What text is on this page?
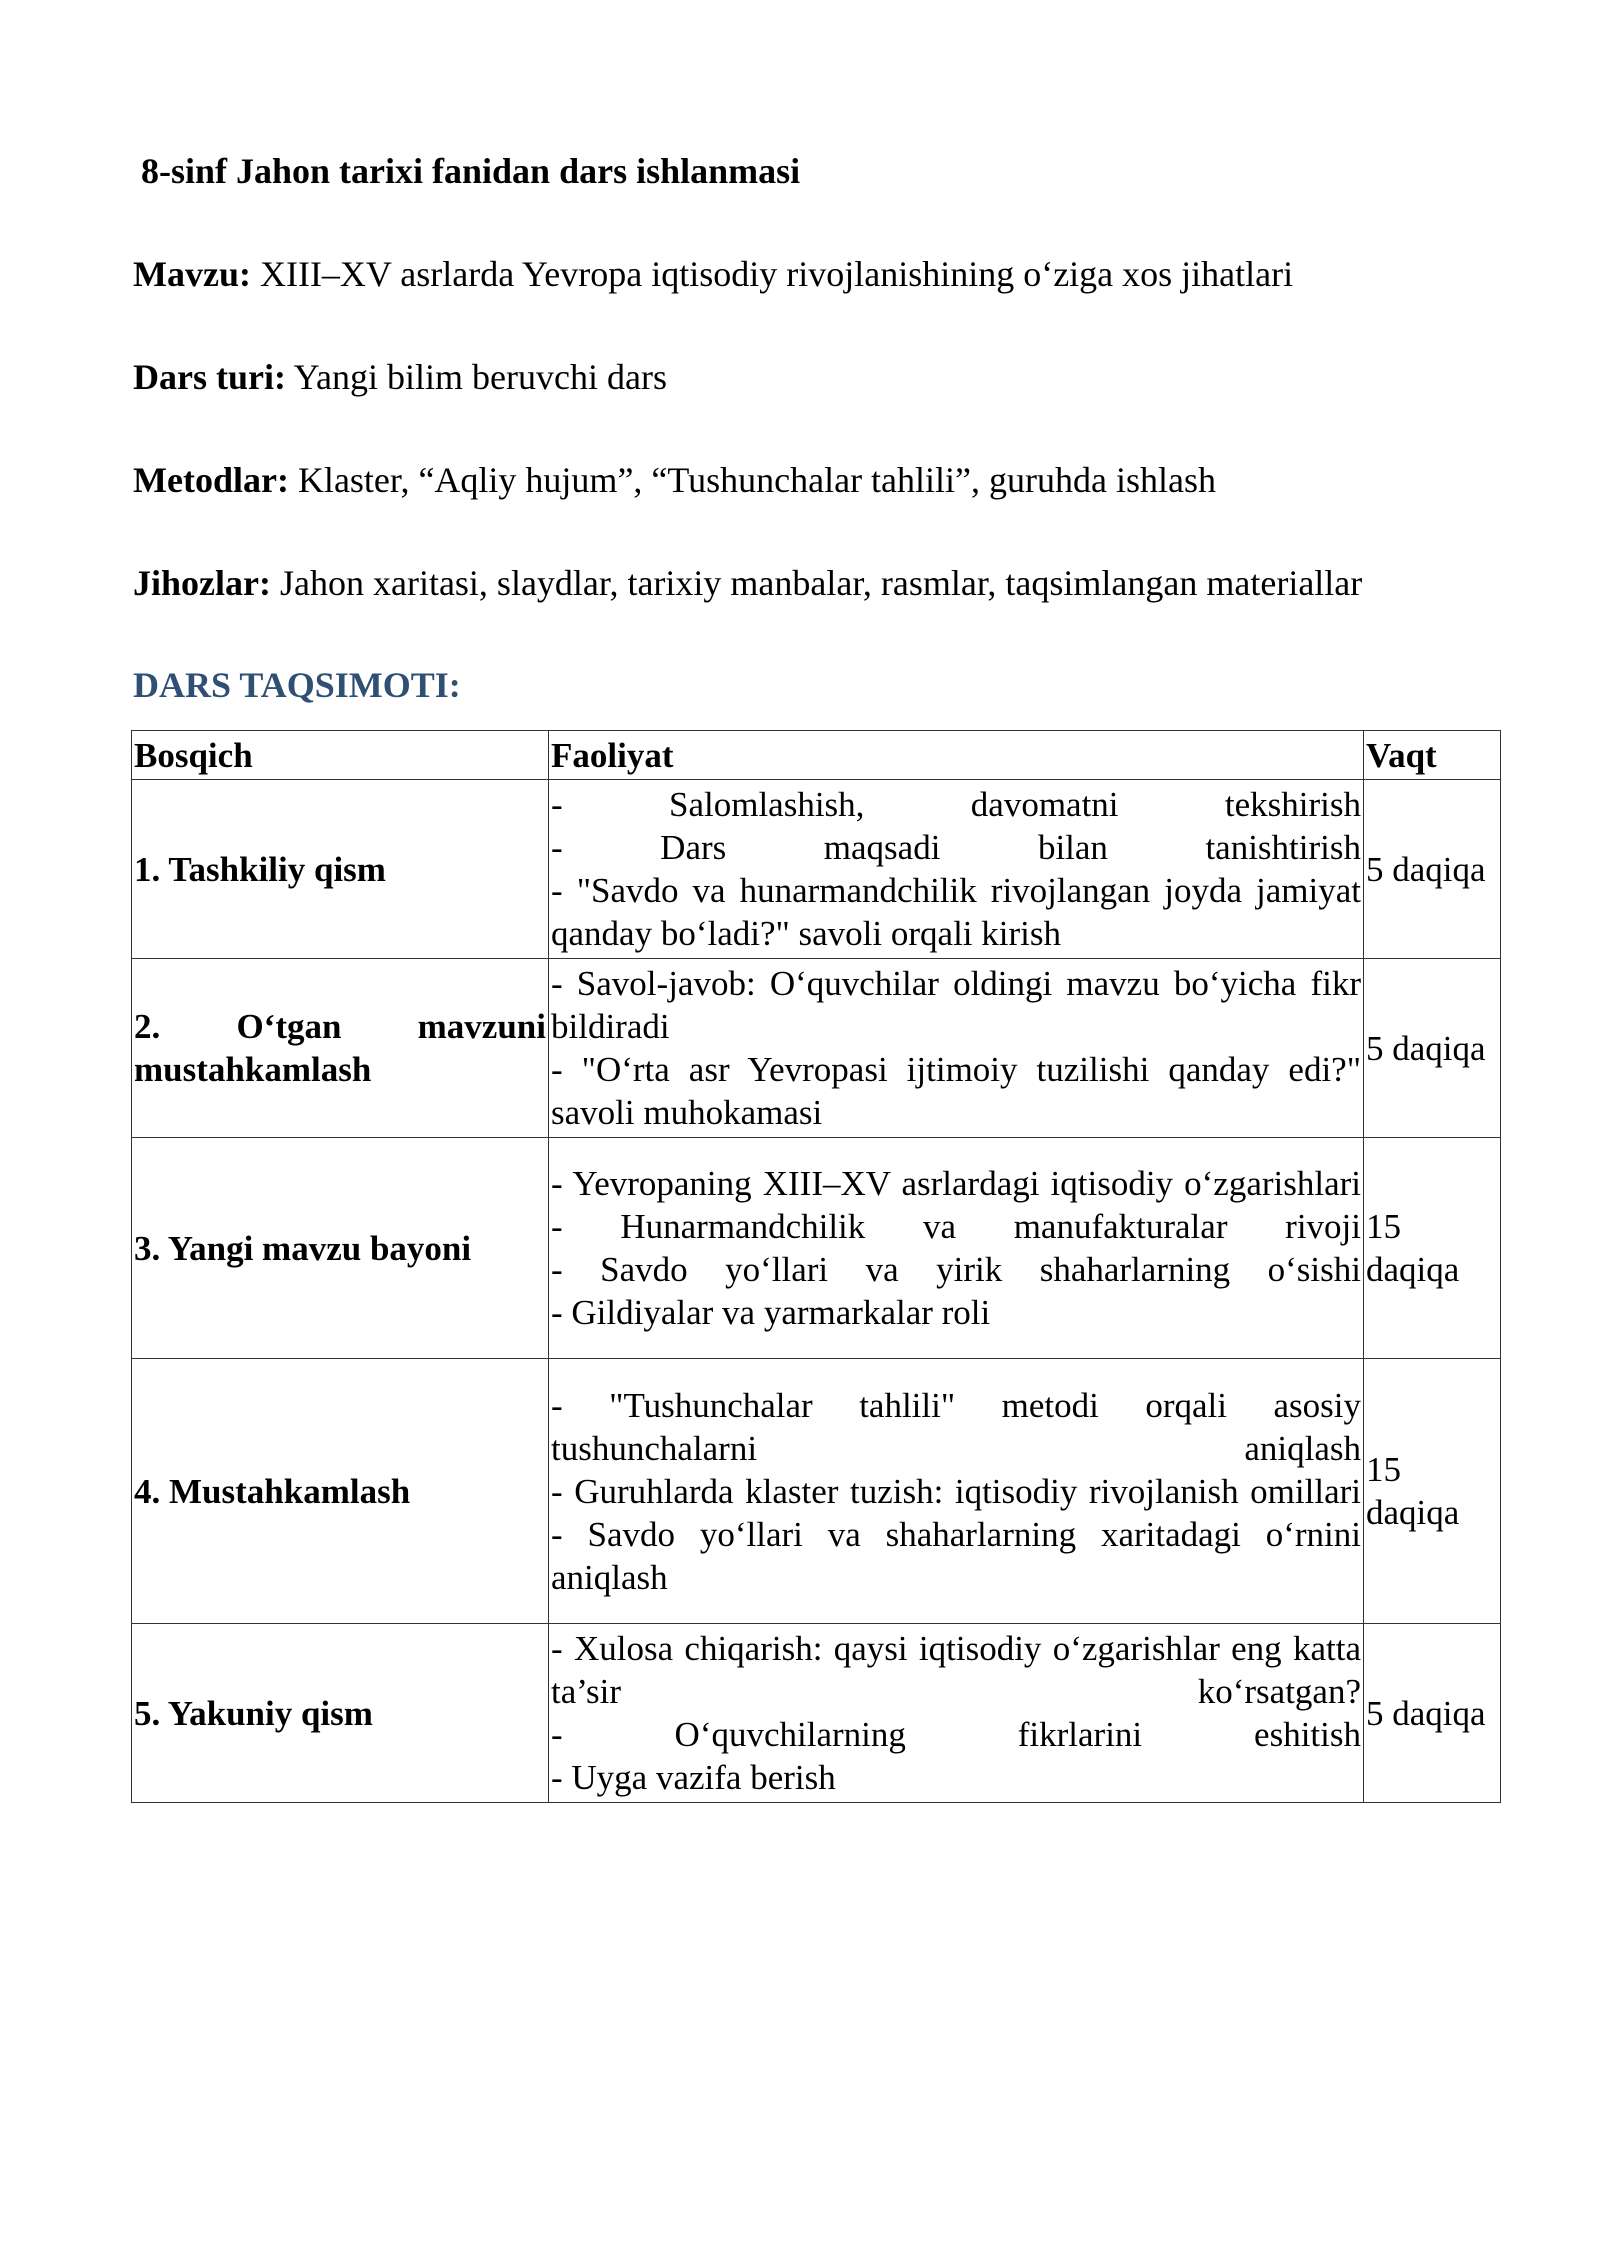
8-sinf Jahon tarixi fanidan dars ishlanmasi

Mavzu: XIII–XV asrlarda Yevropa iqtisodiy rivojlanishining o‘ziga xos jihatlari

Dars turi: Yangi bilim beruvchi dars

Metodlar: Klaster, “Aqliy hujum”, “Tushunchalar tahlili”, guruhda ishlash

Jihozlar: Jahon xaritasi, slaydlar, tarixiy manbalar, rasmlar, taqsimlangan materiallar

DARS TAQSIMOTI:
Bosqich	Faoliyat	Vaqt
1. Tashkiliy qism	- Salomlashish, davomatni tekshirish
- Dars maqsadi bilan tanishtirish
- "Savdo va hunarmandchilik rivojlangan joyda jamiyat qanday bo‘ladi?" savoli orqali kirish	5 daqiqa
2. O‘tgan mavzuni mustahkamlash	- Savol-javob: O‘quvchilar oldingi mavzu bo‘yicha fikr bildiradi
- "O‘rta asr Yevropasi ijtimoiy tuzilishi qanday edi?" savoli muhokamasi	5 daqiqa
3. Yangi mavzu bayoni	- Yevropaning XIII–XV asrlardagi iqtisodiy o‘zgarishlari
- Hunarmandchilik va manufakturalar rivoji
- Savdo yo‘llari va yirik shaharlarning o‘sishi
- Gildiyalar va yarmarkalar roli	15 daqiqa
4. Mustahkamlash	- "Tushunchalar tahlili" metodi orqali asosiy tushunchalarni aniqlash
- Guruhlarda klaster tuzish: iqtisodiy rivojlanish omillari
- Savdo yo‘llari va shaharlarning xaritadagi o‘rnini aniqlash	15 daqiqa
5. Yakuniy qism	- Xulosa chiqarish: qaysi iqtisodiy o‘zgarishlar eng katta ta’sir ko‘rsatgan?
- O‘quvchilarning fikrlarini eshitish
- Uyga vazifa berish	5 daqiqa
